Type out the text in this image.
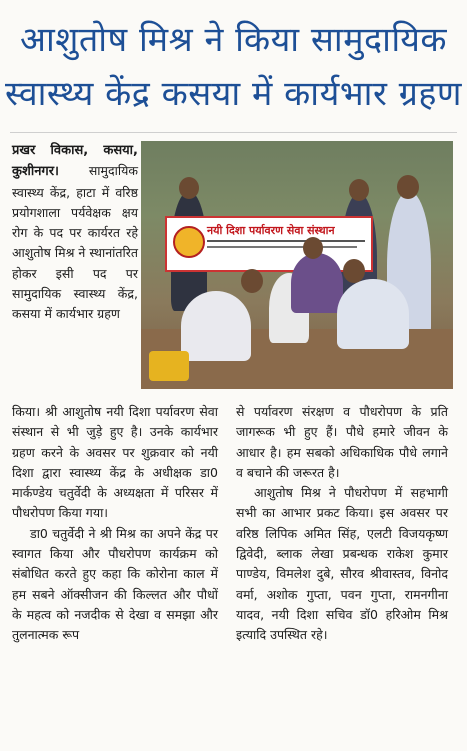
आशुतोष मिश्र ने किया सामुदायिक
स्वास्थ्य केंद्र कसया में कार्यभार ग्रहण
प्रखर विकास, कसया, कुशीनगर। सामुदायिक स्वास्थ्य केंद्र, हाटा में वरिष्ठ प्रयोगशाला पर्यवेक्षक क्षय रोग के पद पर कार्यरत रहे आशुतोष मिश्र ने स्थानांतरित होकर इसी पद पर सामुदायिक स्वास्थ्य केंद्र, कसया में कार्यभार ग्रहण
नयी दिशा पर्यावरण सेवा संस्थान

किया। श्री आशुतोष नयी दिशा पर्यावरण सेवा संस्थान से भी जुड़े हुए है। उनके कार्यभार ग्रहण करने के अवसर पर शुक्रवार को नयी दिशा द्वारा स्वास्थ्य केंद्र के अधीक्षक डा0 मार्कण्डेय चतुर्वेदी के अध्यक्षता में परिसर में पौधरोपण किया गया।

डा0 चतुर्वेदी ने श्री मिश्र का अपने केंद्र पर स्वागत किया और पौधरोपण कार्यक्रम को संबोधित करते हुए कहा कि कोरोना काल में हम सबने ऑक्सीजन की किल्लत और पौधों के महत्व को नजदीक से देखा व समझा और तुलनात्मक रूप

से पर्यावरण संरक्षण व पौधरोपण के प्रति जागरूक भी हुए हैं। पौधे हमारे जीवन के आधार है। हम सबको अधिकाधिक पौधे लगाने व बचाने की जरूरत है।

आशुतोष मिश्र ने पौधरोपण में सहभागी सभी का आभार प्रकट किया। इस अवसर पर वरिष्ठ लिपिक अमित सिंह, एलटी विजयकृष्ण द्विवेदी, ब्लाक लेखा प्रबन्धक राकेश कुमार पाण्डेय, विमलेश दुबे, सौरव श्रीवास्तव, विनोद वर्मा, अशोक गुप्ता, पवन गुप्ता, रामनगीना यादव, नयी दिशा सचिव डॉ0 हरिओम मिश्र इत्यादि उपस्थित रहे।
